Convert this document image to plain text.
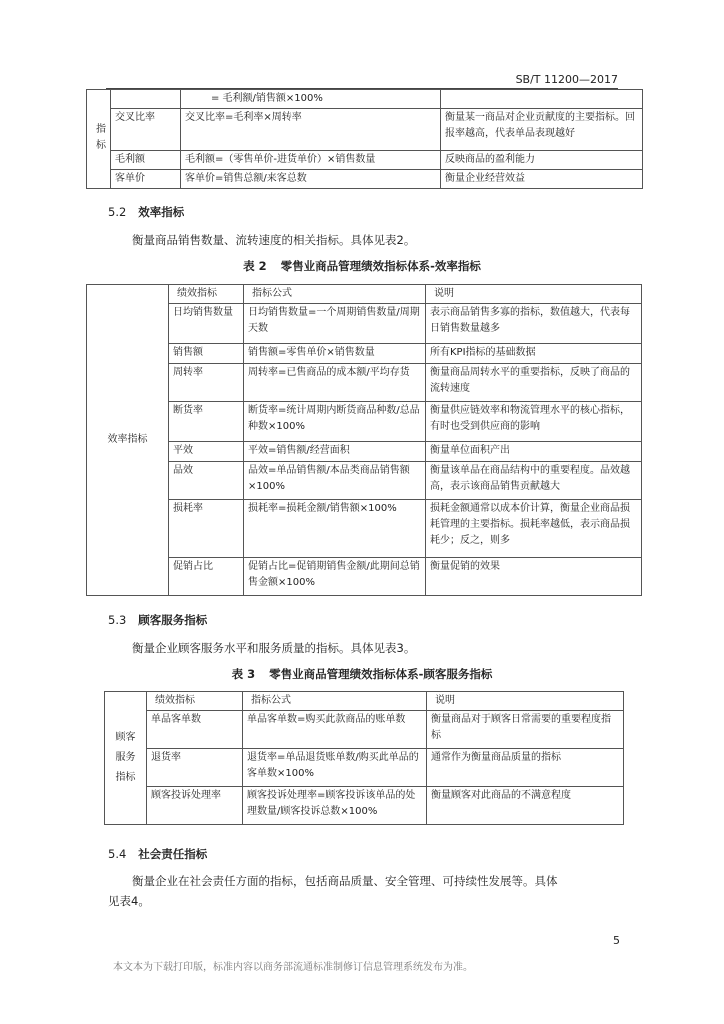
SB/T 11200—2017
指标		= 毛利额/销售额×100%	
	交叉比率	交叉比率=毛利率×周转率	衡量某一商品对企业贡献度的主要指标。回报率越高，代表单品表现越好
	毛利额	毛利额=（零售单价-进货单价）×销售数量	反映商品的盈利能力
	客单价	客单价=销售总额/来客总数	衡量企业经营效益
5.2 效率指标
衡量商品销售数量、流转速度的相关指标。具体见表2。
表 2 零售业商品管理绩效指标体系-效率指标
效率指标	绩效指标	指标公式	说明
	日均销售数量	日均销售数量=一个周期销售数量/周期天数	表示商品销售多寡的指标，数值越大，代表每日销售数量越多
	销售额	销售额=零售单价×销售数量	所有KPI指标的基础数据
	周转率	周转率=已售商品的成本额/平均存货	衡量商品周转水平的重要指标，反映了商品的流转速度
	断货率	断货率=统计周期内断货商品种数/总品种数×100%	衡量供应链效率和物流管理水平的核心指标，有时也受到供应商的影响
	平效	平效=销售额/经营面积	衡量单位面积产出
	品效	品效=单品销售额/本品类商品销售额×100%	衡量该单品在商品结构中的重要程度。品效越高，表示该商品销售贡献越大
	损耗率	损耗率=损耗金额/销售额×100%	损耗金额通常以成本价计算，衡量企业商品损耗管理的主要指标。损耗率越低，表示商品损耗少；反之，则多
	促销占比	促销占比=促销期销售金额/此期间总销售金额×100%	衡量促销的效果
5.3 顾客服务指标
衡量企业顾客服务水平和服务质量的指标。具体见表3。
表 3 零售业商品管理绩效指标体系-顾客服务指标
顾客服务指标	绩效指标	指标公式	说明
	单品客单数	单品客单数=购买此款商品的账单数	衡量商品对于顾客日常需要的重要程度指标
	退货率	退货率=单品退货账单数/购买此单品的客单数×100%	通常作为衡量商品质量的指标
	顾客投诉处理率	顾客投诉处理率=顾客投诉该单品的处理数量/顾客投诉总数×100%	衡量顾客对此商品的不满意程度
5.4 社会责任指标
衡量企业在社会责任方面的指标，包括商品质量、安全管理、可持续性发展等。具体
见表4。
5
本文本为下载打印版，标准内容以商务部流通标准制修订信息管理系统发布为准。
